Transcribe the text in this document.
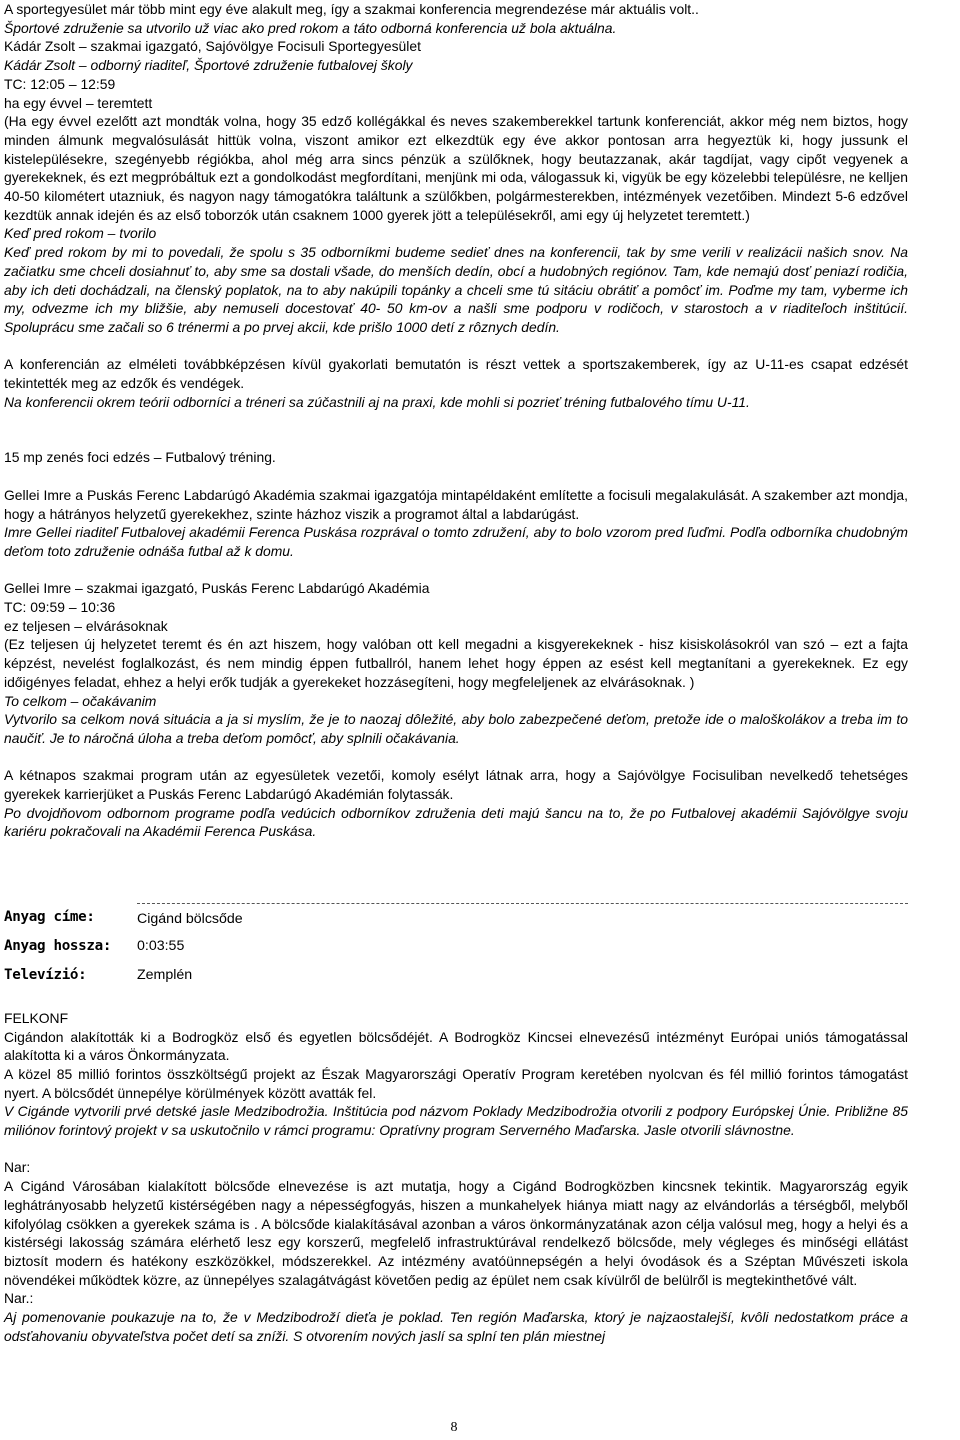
A sportegyesület már több mint egy éve alakult meg, így a szakmai konferencia megrendezése már aktuális volt..

Športové združenie sa utvorilo už viac ako pred rokom a táto odborná konferencia už bola aktuálna.

Kádár Zsolt – szakmai igazgató, Sajóvölgye Focisuli Sportegyesület

Kádár Zsolt – odborný riaditeľ, Športové združenie futbalovej školy

TC: 12:05 – 12:59

ha egy évvel – teremtett

(Ha egy évvel ezelőtt azt mondták volna, hogy 35 edző kollégákkal és neves szakemberekkel tartunk konferenciát, akkor még nem biztos, hogy minden álmunk megvalósulását hittük volna, viszont amikor ezt elkezdtük egy éve akkor pontosan arra hegyeztük ki, hogy jussunk el kistelepülésekre, szegényebb régiókba, ahol még arra sincs pénzük a szülőknek, hogy beutazzanak, akár tagdíjat, vagy cipőt vegyenek a gyerekeknek, és ezt megpróbáltuk ezt a gondolkodást megfordítani, menjünk mi oda, válogassuk ki, vigyük be egy közelebbi településre, ne kelljen 40-50 kilométert utazniuk, és nagyon nagy támogatókra találtunk a szülőkben, polgármesterekben, intézmények vezetőiben. Mindezt 5-6 edzővel kezdtük annak idején és az első toborzók után csaknem 1000 gyerek jött a településekről, ami egy új helyzetet teremtett.)

Keď pred rokom – tvorilo

Keď pred rokom by mi to povedali, že spolu s 35 odborníkmi budeme sedieť dnes na konferencii, tak by sme verili v realizácii našich snov. Na začiatku sme chceli dosiahnuť to, aby sme sa dostali všade, do menších dedín, obcí a hudobných regiónov. Tam, kde nemajú dosť peniazí rodičia, aby ich deti dochádzali, na členský poplatok, na to aby nakúpili topánky a chceli sme tú sitáciu obrátiť a pomôcť im. Poďme my tam, vyberme ich my, odvezme ich my bližšie, aby nemuseli docestovať 40- 50 km-ov a našli sme podporu v rodičoch, v starostoch a v riaditeľoch inštitúcií. Spoluprácu sme začali so 6 trénermi a po prvej akcii, kde prišlo 1000 detí z rôznych dedín.

A konferencián az elméleti továbbképzésen kívül gyakorlati bemutatón is részt vettek a sportszakemberek, így az U-11-es csapat edzését tekintették meg az edzők és vendégek.

Na konferencii okrem teórii odborníci a tréneri sa zúčastnili aj na praxi, kde mohli si pozrieť tréning futbalového tímu U-11.

15 mp zenés foci edzés – Futbalový tréning.

Gellei Imre a Puskás Ferenc Labdarúgó Akadémia szakmai igazgatója mintapéldaként említette a focisuli megalakulását. A szakember azt mondja, hogy a hátrányos helyzetű gyerekekhez, szinte házhoz viszik a programot által a labdarúgást.

Imre Gellei riaditeľ Futbalovej akadémii Ferenca Puskása rozprával o tomto združení, aby to bolo vzorom pred ľuďmi. Podľa odborníka chudobným deťom toto združenie odnáša futbal až k domu.

Gellei Imre – szakmai igazgató, Puskás Ferenc Labdarúgó Akadémia

TC: 09:59 – 10:36

ez teljesen – elvárásoknak

(Ez teljesen új helyzetet teremt és én azt hiszem, hogy valóban ott kell megadni a kisgyerekeknek - hisz kisiskolásokról van szó – ezt a fajta képzést, nevelést foglalkozást, és nem mindig éppen futballról, hanem lehet hogy éppen az esést kell megtanítani a gyerekeknek. Ez egy időigényes feladat, ehhez a helyi erők tudják a gyerekeket hozzásegíteni, hogy megfeleljenek az elvárásoknak. )

To celkom – očakávanim

Vytvorilo sa celkom nová situácia a ja si myslím, že je to naozaj dôležité, aby bolo zabezpečené deťom, pretože ide o maloškolákov a treba im to naučiť. Je to náročná úloha a treba deťom pomôcť, aby splnili očakávania.

A kétnapos szakmai program után az egyesületek vezetői, komoly esélyt látnak arra, hogy a Sajóvölgye Focisuliban nevelkedő tehetséges gyerekek karrierjüket a Puskás Ferenc Labdarúgó Akadémián folytassák.

Po dvojdňovom odbornom programe podľa vedúcich odborníkov združenia deti majú šancu na to, že po Futbalovej akadémii Sajóvölgye svoju kariéru pokračovali na Akadémii Ferenca Puskása.

Anyag címe:	Cigánd bölcsőde
Anyag hossza:	0:03:55
Televízió:	Zemplén

FELKONF

Cigándon alakították ki a Bodrogköz első és egyetlen bölcsődéjét. A Bodrogköz Kincsei elnevezésű intézményt Európai uniós támogatással alakította ki a város Önkormányzata.

A közel 85 millió forintos összköltségű projekt az Észak Magyarországi Operatív Program keretében nyolcvan és fél millió forintos támogatást nyert. A bölcsődét ünnepélye körülmények között avatták fel.

V Cigánde vytvorili prvé detské jasle Medzibodrožia. Inštitúcia pod názvom Poklady Medzibodrožia otvorili z podpory Európskej Únie. Približne 85 miliónov forintový projekt v sa uskutočnilo v rámci programu: Opratívny program Serverného Maďarska. Jasle otvorili slávnostne.

Nar:

A Cigánd Városában kialakított bölcsőde elnevezése is azt mutatja, hogy a Cigánd Bodrogközben kincsnek tekintik. Magyarország egyik leghátrányosabb helyzetű kistérségében nagy a népességfogyás, hiszen a munkahelyek hiánya miatt nagy az elvándorlás a térségből, melyből kifolyólag csökken a gyerekek száma is . A bölcsőde kialakításával azonban a város önkormányzatának azon célja valósul meg, hogy a helyi és a kistérségi lakosság számára elérhető lesz egy korszerű, megfelelő infrastruktúrával rendelkező bölcsőde, mely végleges és minőségi ellátást biztosít modern és hatékony eszközökkel, módszerekkel. Az intézmény avatóünnepségén a helyi óvodások és a Széptan Művészeti iskola növendékei működtek közre, az ünnepélyes szalagátvágást követően pedig az épület nem csak kívülről de belülről is megtekinthetővé vált.

Nar.:

Aj pomenovanie poukazuje na to, že v Medzibodroží dieťa je poklad. Ten región Maďarska, ktorý je najzaostalejší, kvôli nedostatkom práce a odsťahovaniu obyvateľstva počet detí sa zníži. S otvorením nových jaslí sa splní ten plán miestnej

8
